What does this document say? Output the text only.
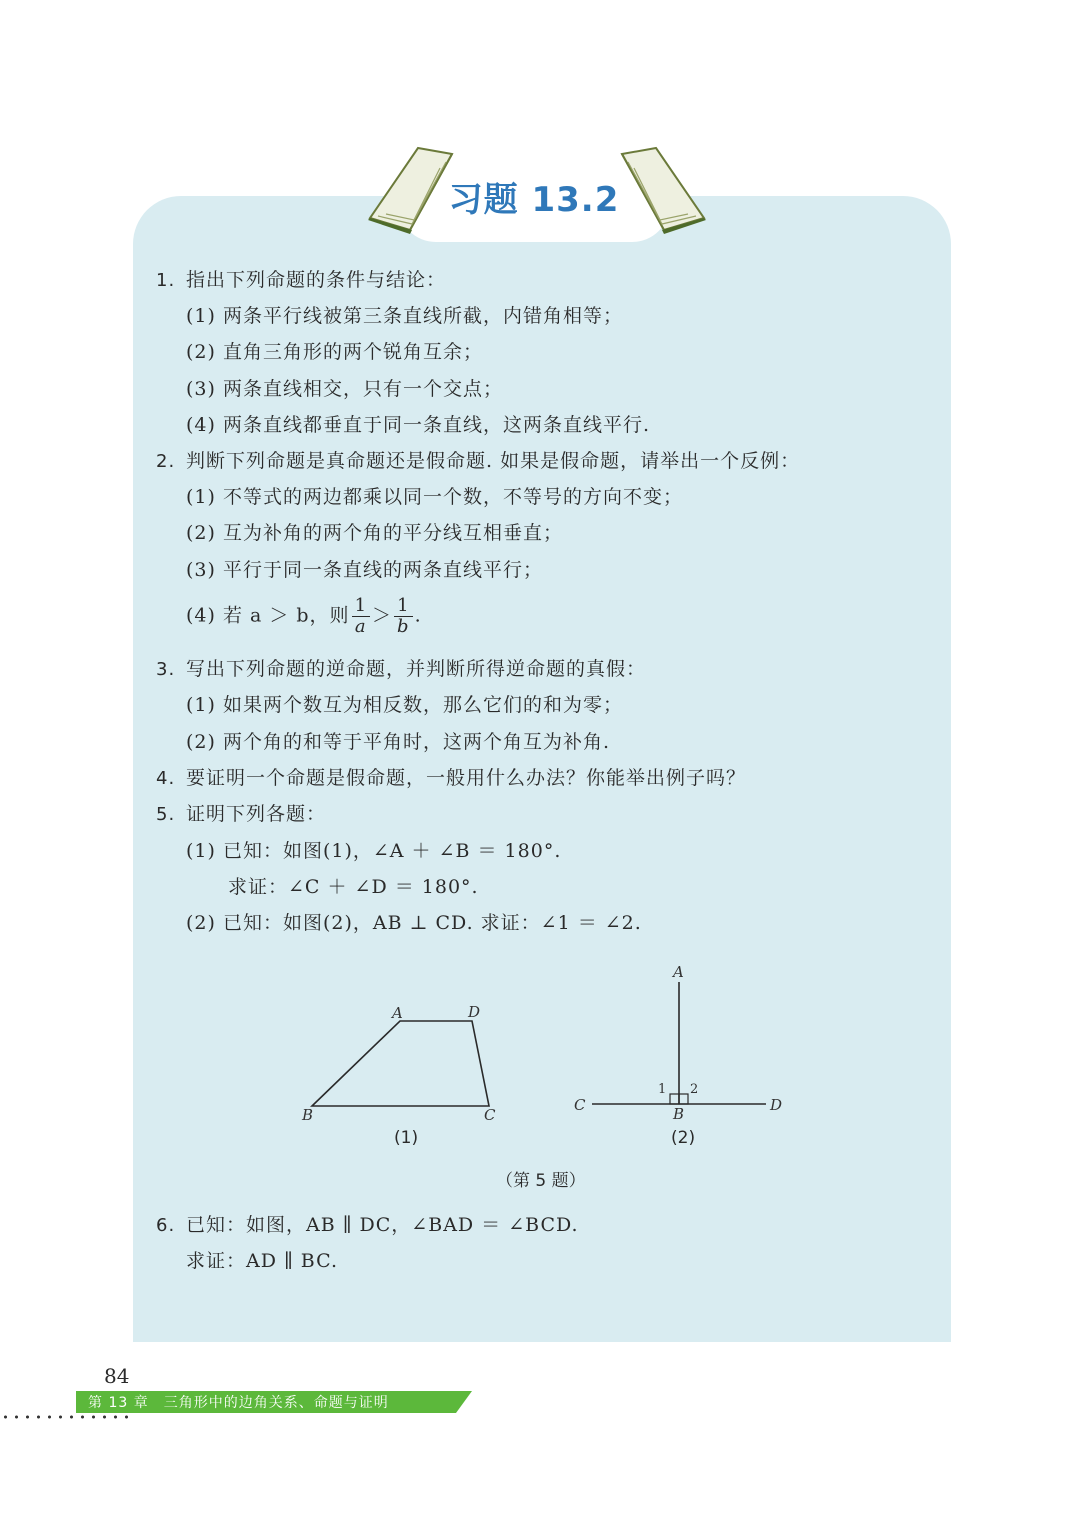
习题 13.2
1. 指出下列命题的条件与结论：
(1) 两条平行线被第三条直线所截，内错角相等；
(2) 直角三角形的两个锐角互余；
(3) 两条直线相交，只有一个交点；
(4) 两条直线都垂直于同一条直线，这两条直线平行.
2. 判断下列命题是真命题还是假命题. 如果是假命题，请举出一个反例：
(1) 不等式的两边都乘以同一个数，不等号的方向不变；
(2) 互为补角的两个角的平分线互相垂直；
(3) 平行于同一条直线的两条直线平行；
(4) 若 a ＞ b，则 $\frac{1}{a} > \frac{1}{b}$ .
3. 写出下列命题的逆命题，并判断所得逆命题的真假：
(1) 如果两个数互为相反数，那么它们的和为零；
(2) 两个角的和等于平角时，这两个角互为补角.
4. 要证明一个命题是假命题，一般用什么办法？你能举出例子吗？
5. 证明下列各题：
(1) 已知：如图(1)，∠A ＋ ∠B ＝ 180°.
求证：∠C ＋ ∠D ＝ 180°.
(2) 已知：如图(2)，AB ⊥ CD. 求证：∠1 ＝ ∠2.
A	D
B	C
(1)
A
C	D
B
1 2
(2)
（第 5 题）
6. 已知：如图，AB ∥ DC，∠BAD ＝ ∠BCD.
求证：AD ∥ BC.
84
第 13 章　三角形中的边角关系、命题与证明
